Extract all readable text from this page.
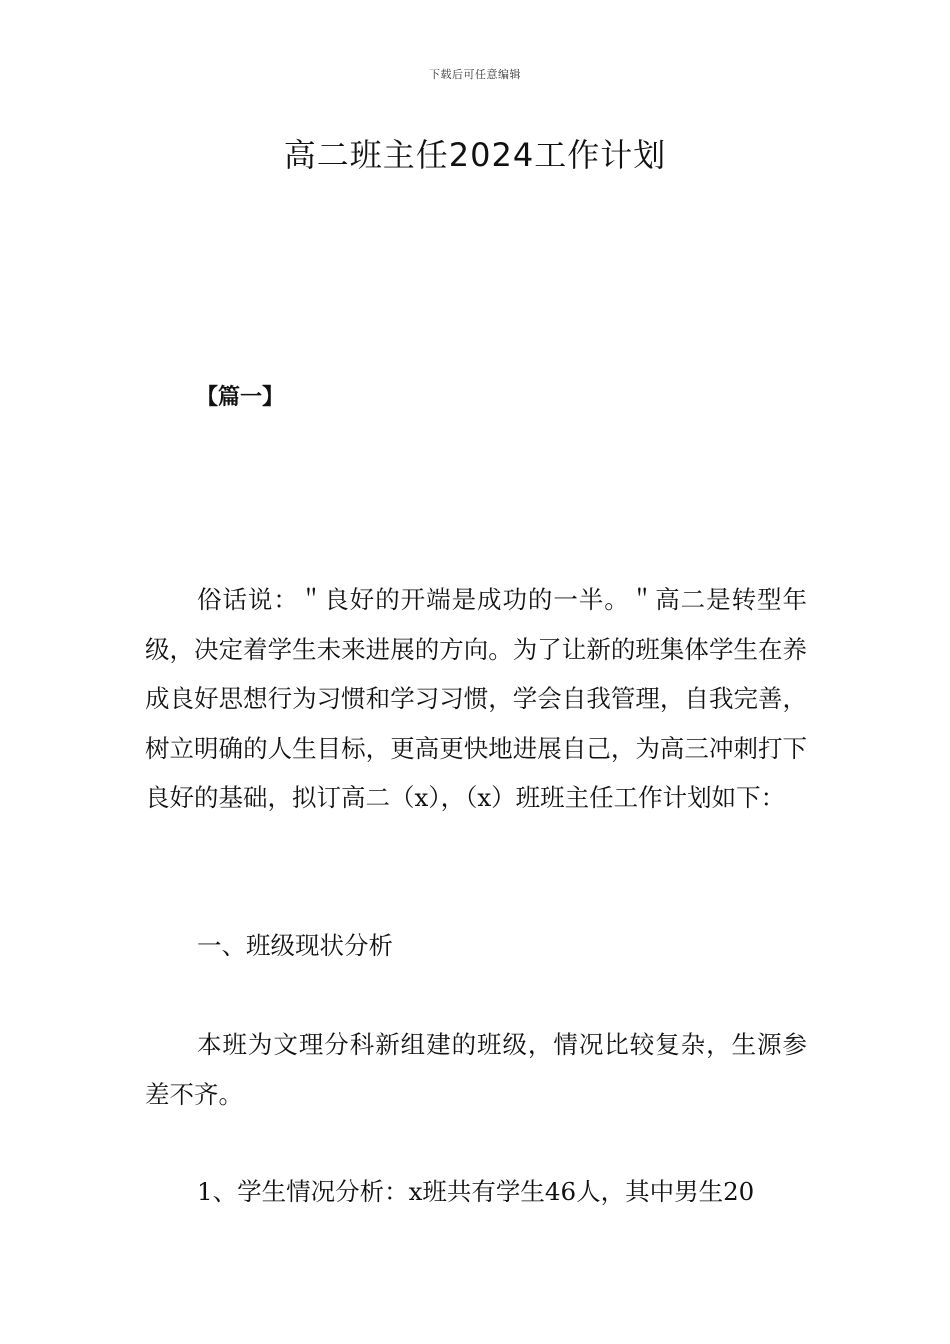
下载后可任意编辑
高二班主任2024工作计划
【篇一】

俗话说：＂良好的开端是成功的一半。＂高二是转型年级，决定着学生未来进展的方向。为了让新的班集体学生在养成良好思想行为习惯和学习习惯，学会自我管理，自我完善，树立明确的人生目标，更高更快地进展自己，为高三冲刺打下良好的基础，拟订高二（x），（x）班班主任工作计划如下：

一、班级现状分析

本班为文理分科新组建的班级，情况比较复杂，生源参差不齐。

1、学生情况分析：x班共有学生46人，其中男生20
